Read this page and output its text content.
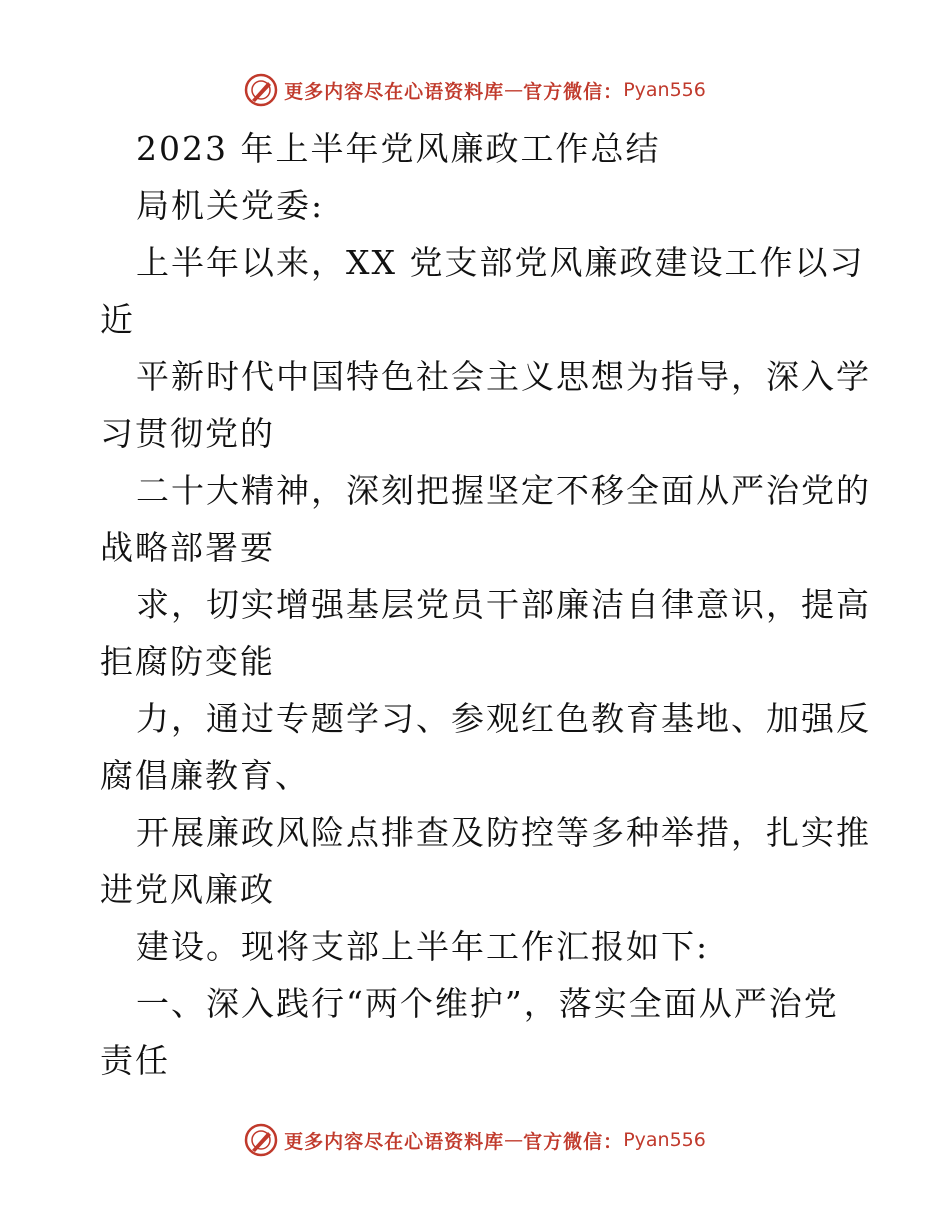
更多内容尽在心语资料库 — 官方微信： Pyan556
2023 年上半年党风廉政工作总结
局机关党委:
上半年以来，XX 党支部党风廉政建设工作以习
近
平新时代中国特色社会主义思想为指导，深入学
习贯彻党的
二十大精神，深刻把握坚定不移全面从严治党的
战略部署要
求，切实增强基层党员干部廉洁自律意识，提高
拒腐防变能
力，通过专题学习、参观红色教育基地、加强反
腐倡廉教育、
开展廉政风险点排查及防控等多种举措，扎实推
进党风廉政
建设。现将支部上半年工作汇报如下:
一、深入践行“两个维护”，落实全面从严治党
责任
更多内容尽在心语资料库 — 官方微信： Pyan556
